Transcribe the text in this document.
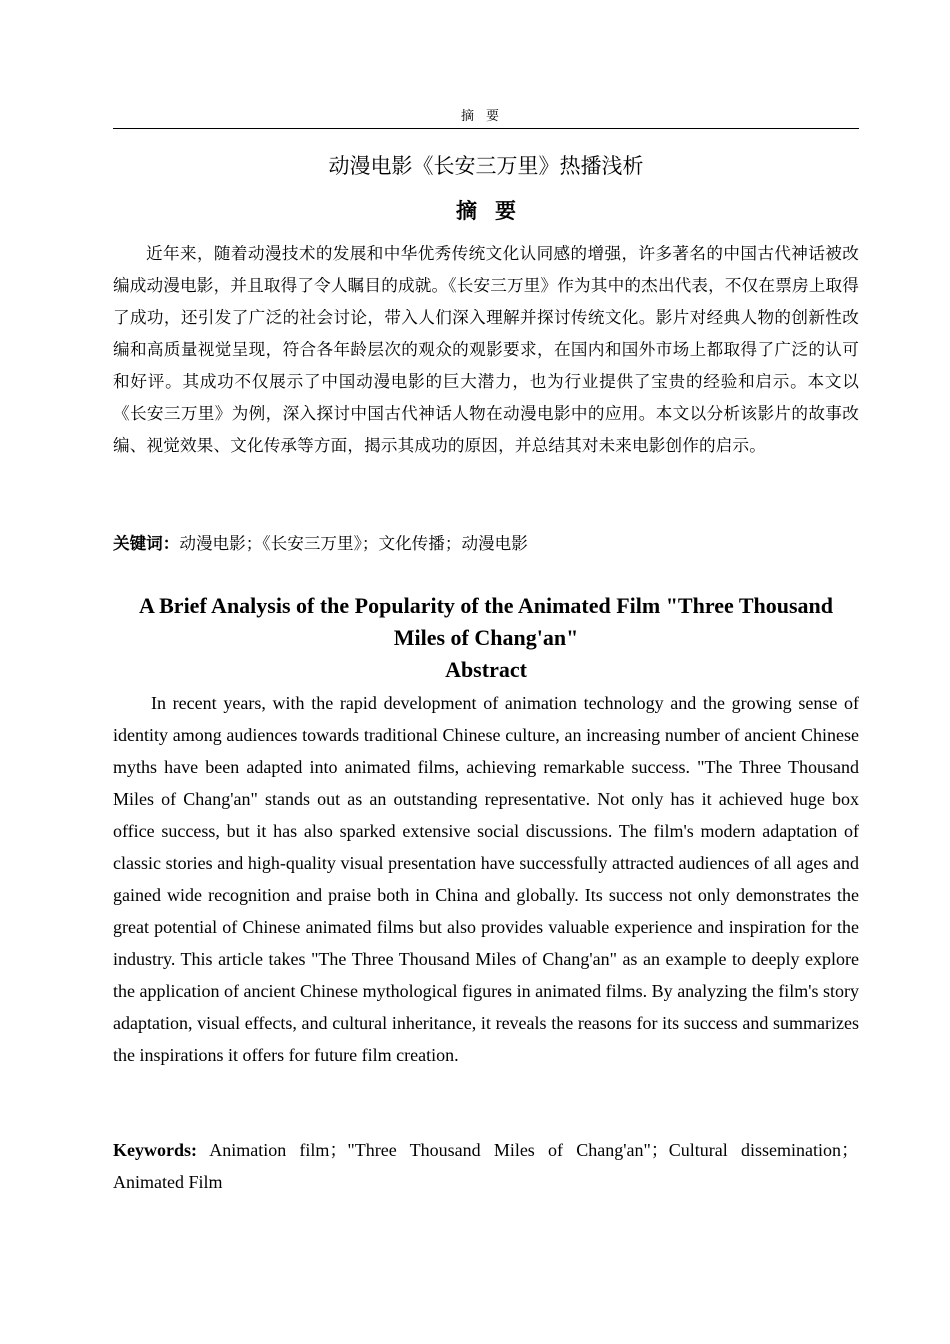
摘要
动漫电影《长安三万里》热播浅析
摘要
近年来，随着动漫技术的发展和中华优秀传统文化认同感的增强，许多著名的中国古代神话被改编成动漫电影，并且取得了令人瞩目的成就。《长安三万里》作为其中的杰出代表，不仅在票房上取得了成功，还引发了广泛的社会讨论，带入人们深入理解并探讨传统文化。影片对经典人物的创新性改编和高质量视觉呈现，符合各年龄层次的观众的观影要求，在国内和国外市场上都取得了广泛的认可和好评。其成功不仅展示了中国动漫电影的巨大潜力，也为行业提供了宝贵的经验和启示。本文以《长安三万里》为例，深入探讨中国古代神话人物在动漫电影中的应用。本文以分析该影片的故事改编、视觉效果、文化传承等方面，揭示其成功的原因，并总结其对未来电影创作的启示。
关键词：动漫电影；《长安三万里》；文化传播；动漫电影
A Brief Analysis of the Popularity of the Animated Film "Three Thousand Miles of Chang'an"
Abstract
In recent years, with the rapid development of animation technology and the growing sense of identity among audiences towards traditional Chinese culture, an increasing number of ancient Chinese myths have been adapted into animated films, achieving remarkable success. "The Three Thousand Miles of Chang'an" stands out as an outstanding representative. Not only has it achieved huge box office success, but it has also sparked extensive social discussions. The film's modern adaptation of classic stories and high-quality visual presentation have successfully attracted audiences of all ages and gained wide recognition and praise both in China and globally. Its success not only demonstrates the great potential of Chinese animated films but also provides valuable experience and inspiration for the industry. This article takes "The Three Thousand Miles of Chang'an" as an example to deeply explore the application of ancient Chinese mythological figures in animated films. By analyzing the film's story adaptation, visual effects, and cultural inheritance, it reveals the reasons for its success and summarizes the inspirations it offers for future film creation.
Keywords: Animation film；"Three Thousand Miles of Chang'an"；Cultural dissemination；Animated Film
